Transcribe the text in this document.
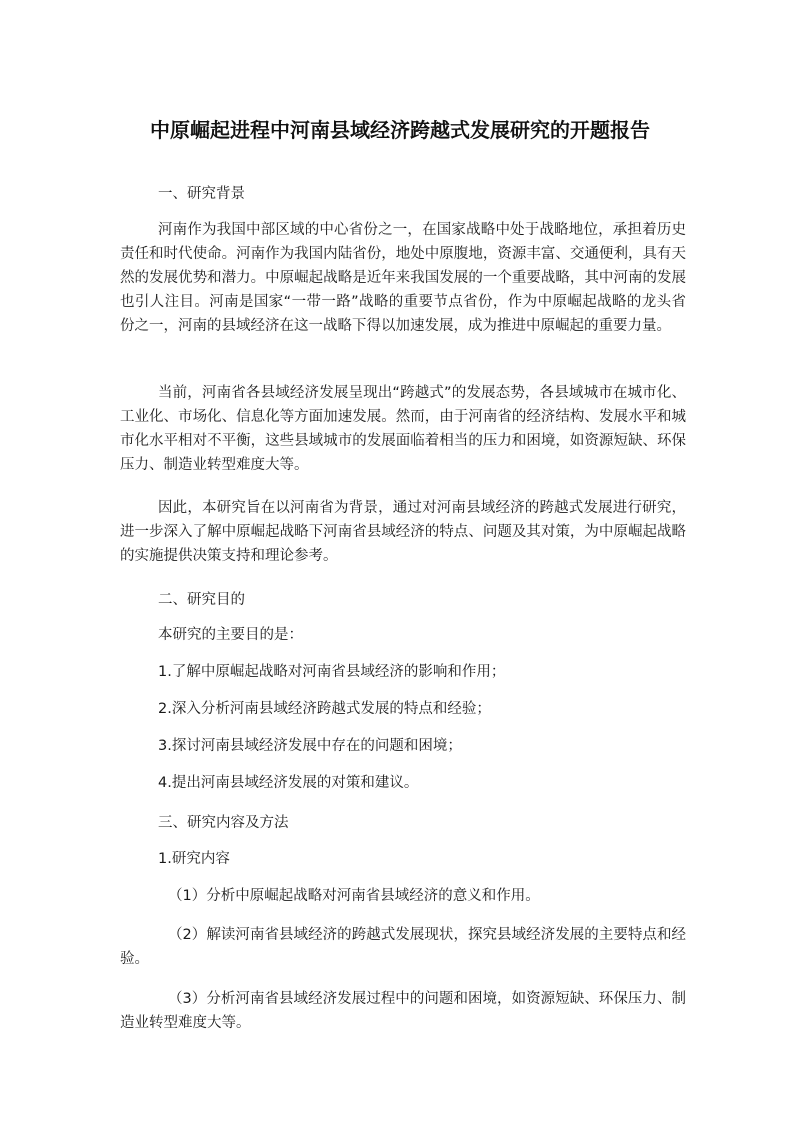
中原崛起进程中河南县域经济跨越式发展研究的开题报告

一、研究背景

河南作为我国中部区域的中心省份之一，在国家战略中处于战略地位，承担着历史责任和时代使命。河南作为我国内陆省份，地处中原腹地，资源丰富、交通便利，具有天然的发展优势和潜力。中原崛起战略是近年来我国发展的一个重要战略，其中河南的发展也引人注目。河南是国家“一带一路”战略的重要节点省份，作为中原崛起战略的龙头省份之一，河南的县域经济在这一战略下得以加速发展，成为推进中原崛起的重要力量。

当前，河南省各县域经济发展呈现出“跨越式”的发展态势，各县域城市在城市化、工业化、市场化、信息化等方面加速发展。然而，由于河南省的经济结构、发展水平和城市化水平相对不平衡，这些县域城市的发展面临着相当的压力和困境，如资源短缺、环保压力、制造业转型难度大等。

因此，本研究旨在以河南省为背景，通过对河南县域经济的跨越式发展进行研究，进一步深入了解中原崛起战略下河南省县域经济的特点、问题及其对策，为中原崛起战略的实施提供决策支持和理论参考。

二、研究目的

本研究的主要目的是：

1.了解中原崛起战略对河南省县域经济的影响和作用；

2.深入分析河南县域经济跨越式发展的特点和经验；

3.探讨河南县域经济发展中存在的问题和困境；

4.提出河南县域经济发展的对策和建议。

三、研究内容及方法

1.研究内容

（1）分析中原崛起战略对河南省县域经济的意义和作用。

（2）解读河南省县域经济的跨越式发展现状，探究县域经济发展的主要特点和经验。

（3）分析河南省县域经济发展过程中的问题和困境，如资源短缺、环保压力、制造业转型难度大等。
